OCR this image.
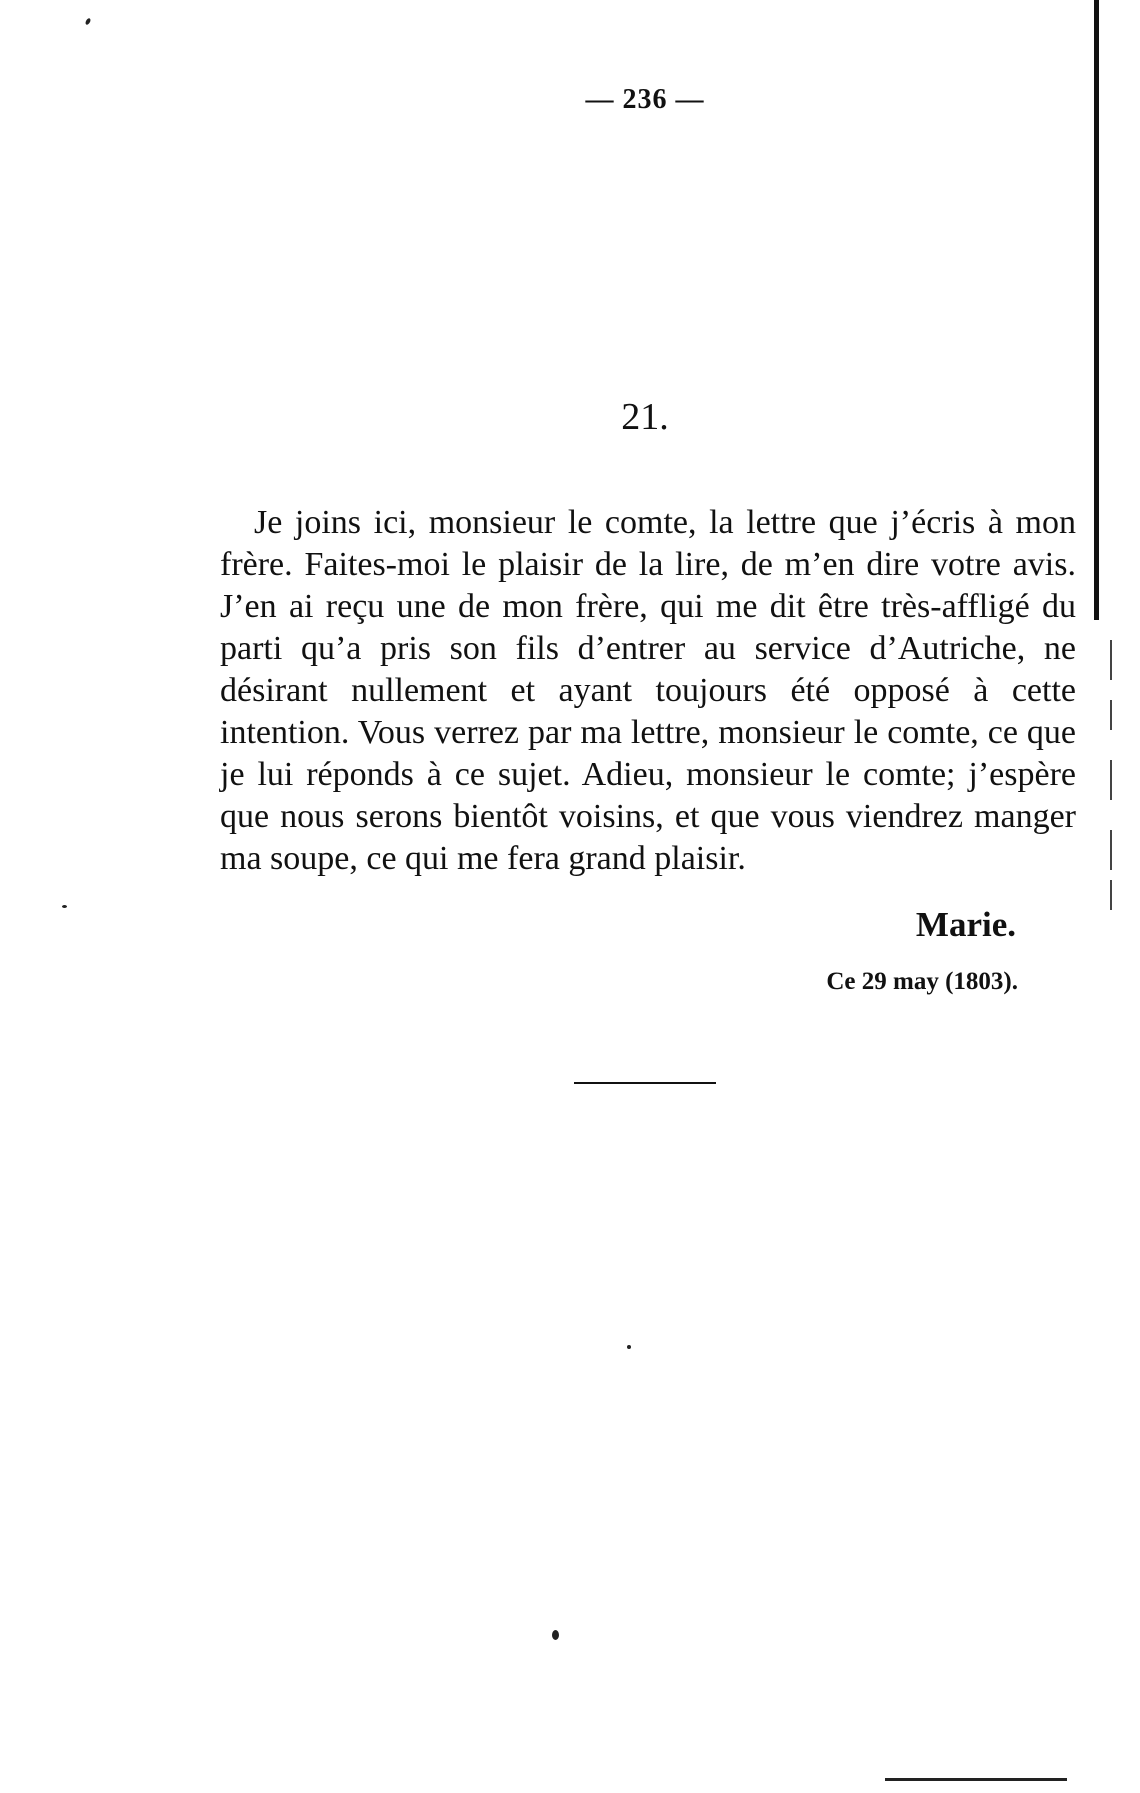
— 236 —
21.

Je joins ici, monsieur le comte, la lettre que j’écris à mon frère. Faites-moi le plaisir de la lire, de m’en dire votre avis. J’en ai reçu une de mon frère, qui me dit être très-affligé du parti qu’a pris son fils d’entrer au service d’Autriche, ne désirant nullement et ayant toujours été opposé à cette intention. Vous verrez par ma lettre, monsieur le comte, ce que je lui réponds à ce sujet. Adieu, monsieur le comte; j’espère que nous serons bientôt voisins, et que vous viendrez manger ma soupe, ce qui me fera grand plaisir.

Marie.
Ce 29 may (1803).
